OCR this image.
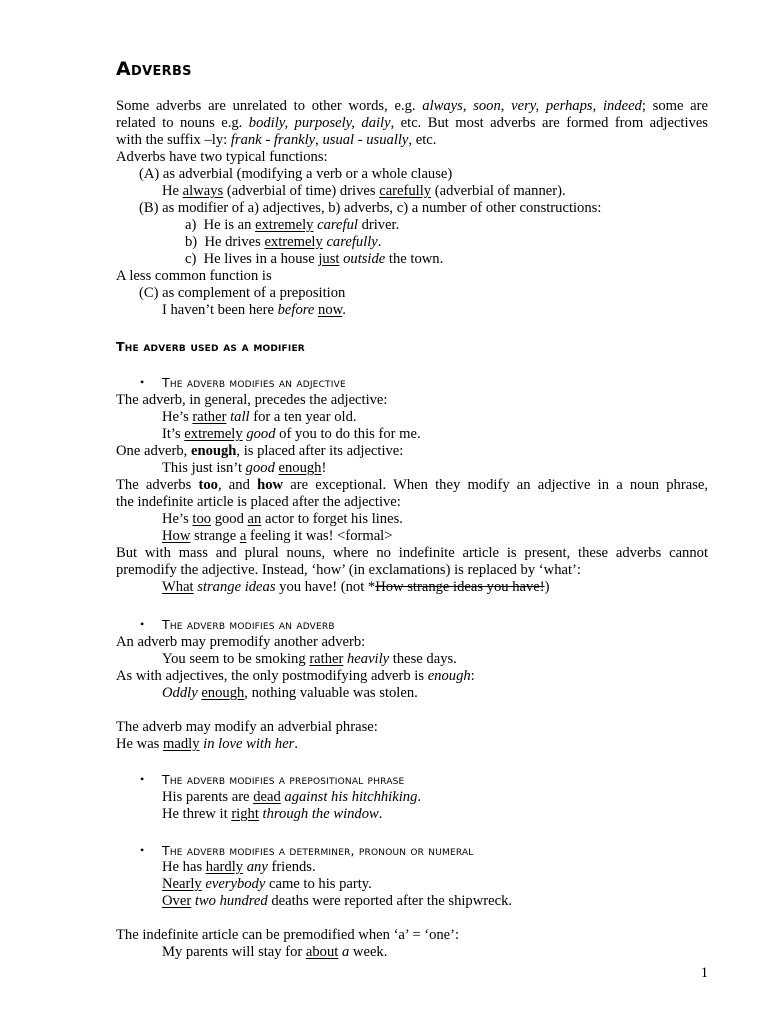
Adverbs
Some adverbs are unrelated to other words, e.g. always, soon, very, perhaps, indeed; some are
related to nouns e.g. bodily, purposely, daily, etc. But most adverbs are formed from adjectives
with the suffix –ly: frank - frankly, usual - usually, etc.
Adverbs have two typical functions:
(A) as adverbial (modifying a verb or a whole clause)
He always (adverbial of time) drives carefully (adverbial of manner).
(B) as modifier of a) adjectives, b) adverbs, c) a number of other constructions:
a)  He is an extremely careful driver.
b)  He drives extremely carefully.
c)  He lives in a house just outside the town.
A less common function is
(C) as complement of a preposition
I haven’t been here before now.
The adverb used as a modifier
• The adverb modifies an adjective
The adverb, in general, precedes the adjective:
He’s rather tall for a ten year old.
It’s extremely good of you to do this for me.
One adverb, enough, is placed after its adjective:
This just isn’t good enough!
The adverbs too, and how are exceptional. When they modify an adjective in a noun phrase,
the indefinite article is placed after the adjective:
He’s too good an actor to forget his lines.
How strange a feeling it was! <formal>
But with mass and plural nouns, where no indefinite article is present, these adverbs cannot
premodify the adjective. Instead, ‘how’ (in exclamations) is replaced by ‘what’:
What strange ideas you have! (not *How strange ideas you have!)
• The adverb modifies an adverb
An adverb may premodify another adverb:
You seem to be smoking rather heavily these days.
As with adjectives, the only postmodifying adverb is enough:
Oddly enough, nothing valuable was stolen.
The adverb may modify an adverbial phrase:
He was madly in love with her.
• The adverb modifies a prepositional phrase
His parents are dead against his hitchhiking.
He threw it right through the window.
• The adverb modifies a determiner, pronoun or numeral
He has hardly any friends.
Nearly everybody came to his party.
Over two hundred deaths were reported after the shipwreck.
The indefinite article can be premodified when ‘a’ = ‘one’:
My parents will stay for about a week.
1
